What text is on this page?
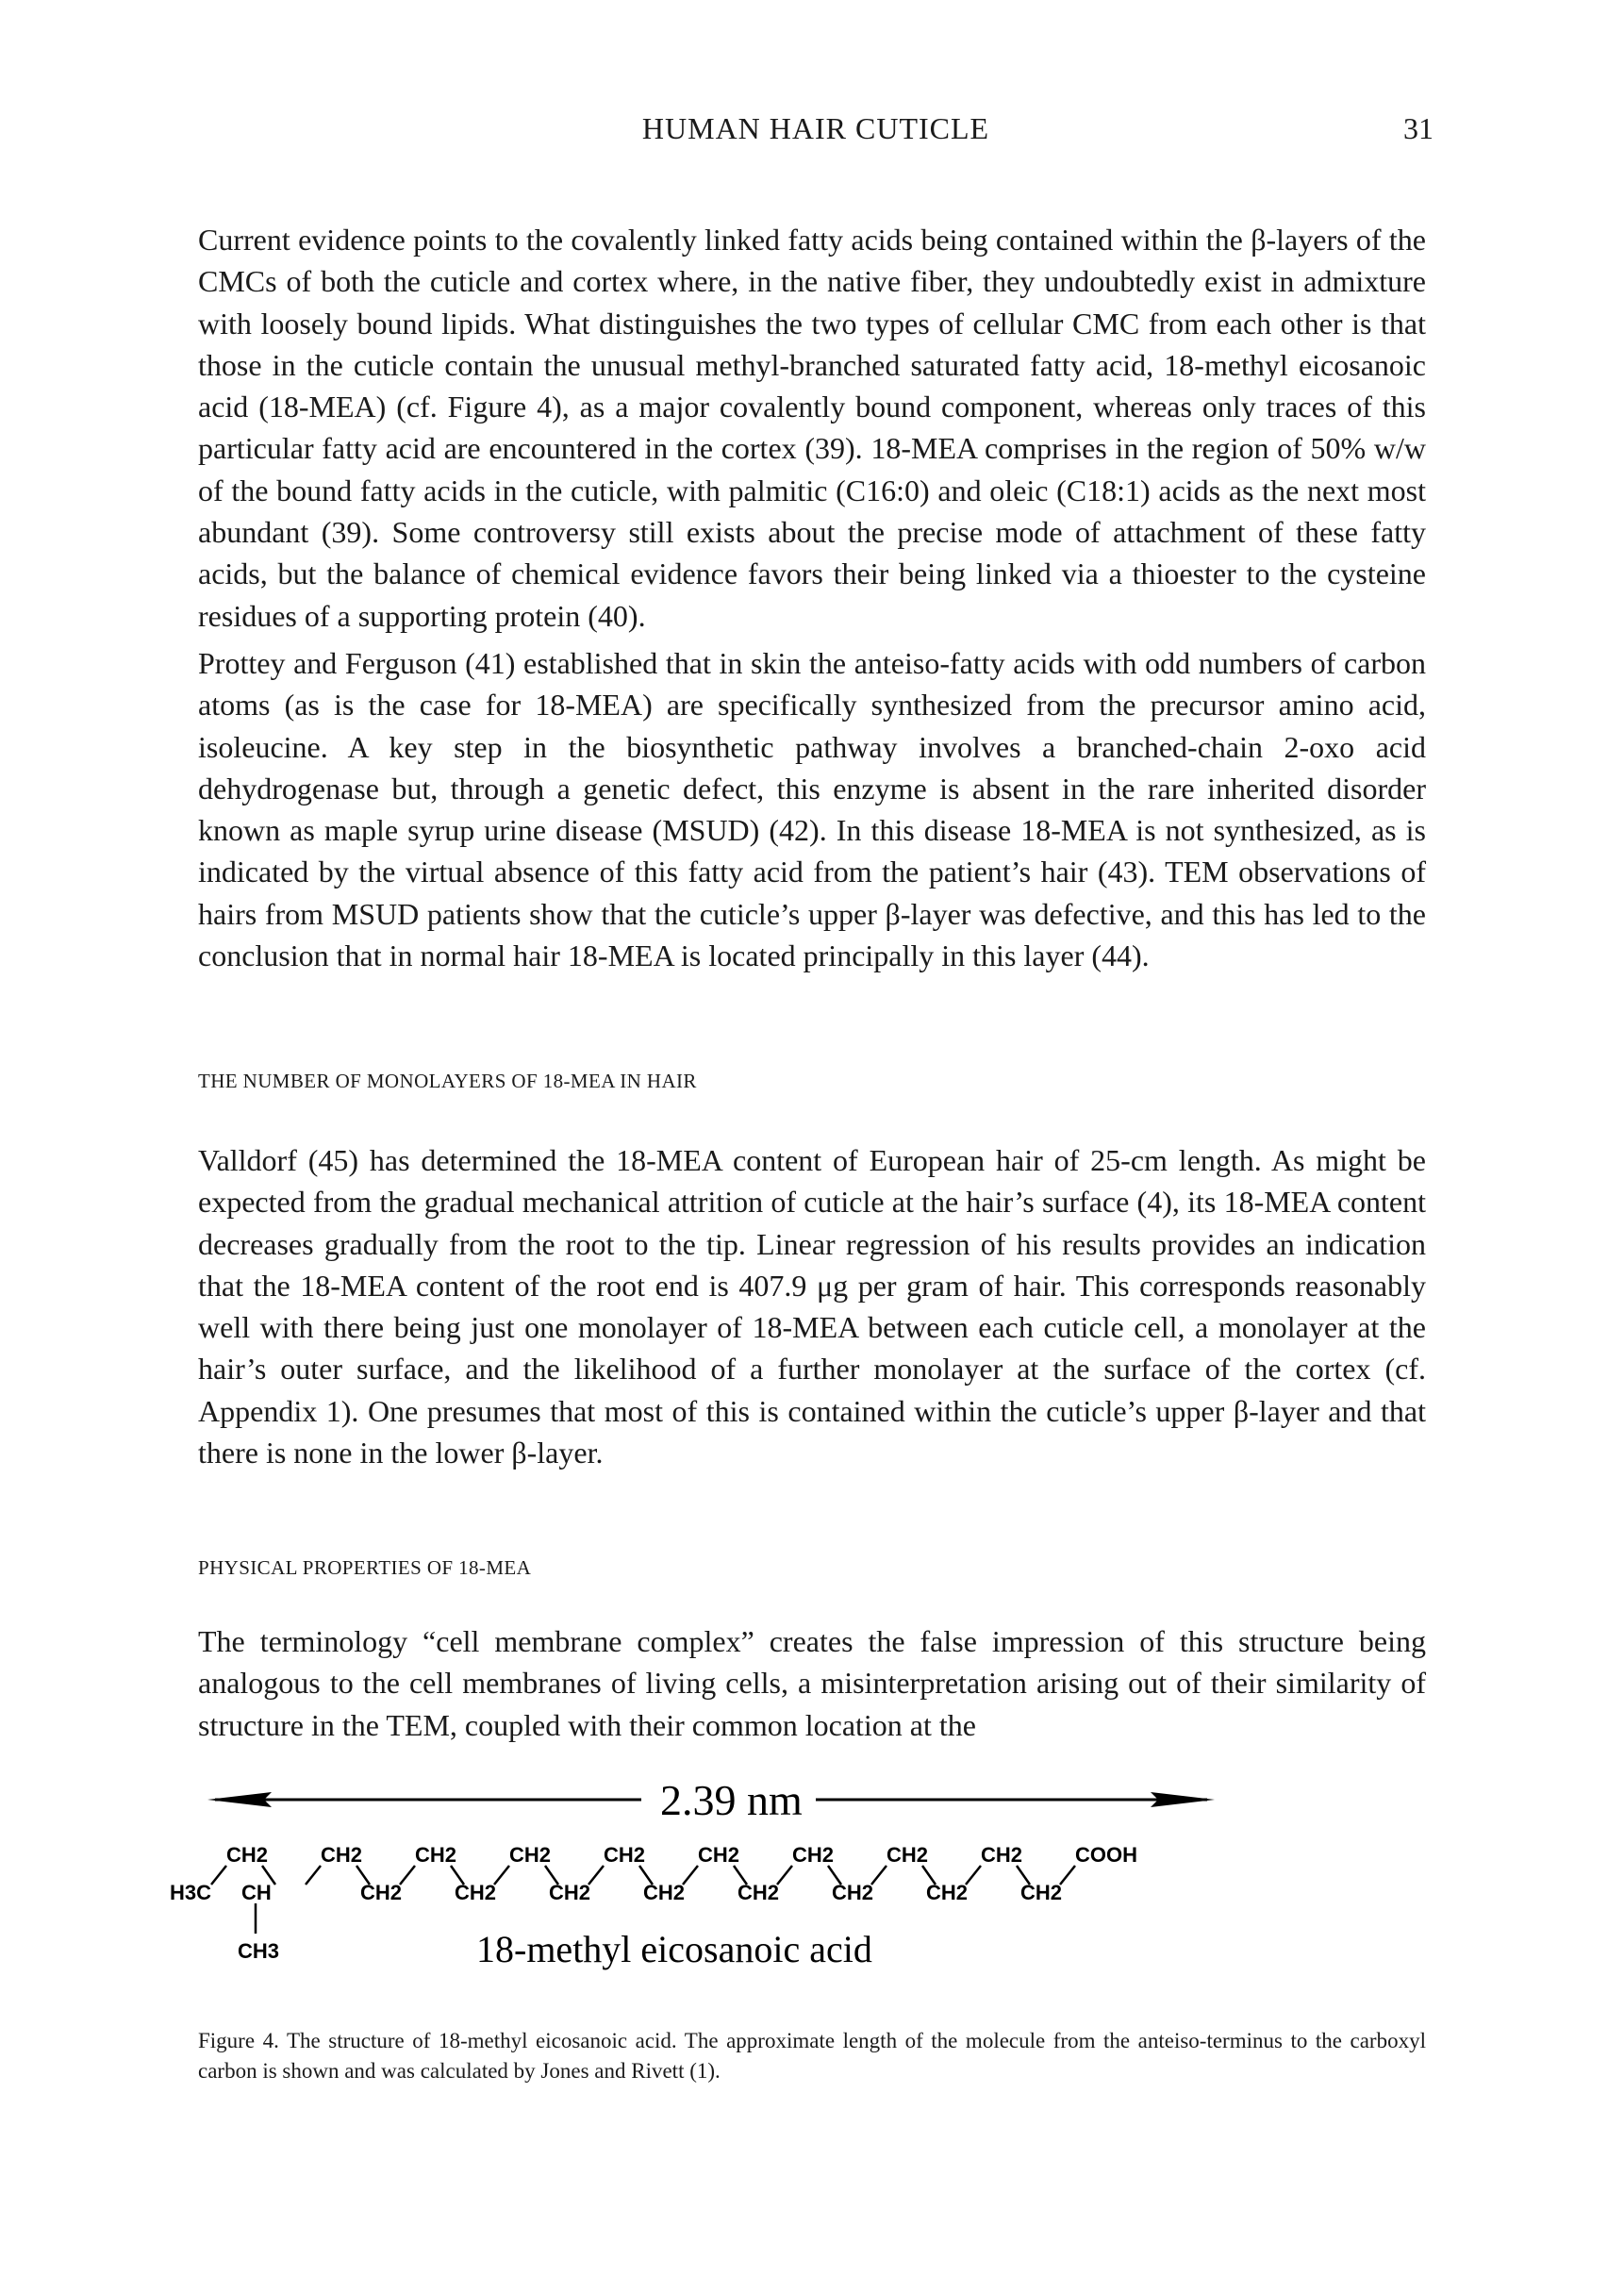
HUMAN HAIR CUTICLE	31

Current evidence points to the covalently linked fatty acids being contained within the β-layers of the CMCs of both the cuticle and cortex where, in the native fiber, they undoubtedly exist in admixture with loosely bound lipids. What distinguishes the two types of cellular CMC from each other is that those in the cuticle contain the unusual methyl-branched saturated fatty acid, 18-methyl eicosanoic acid (18-MEA) (cf. Figure 4), as a major covalently bound component, whereas only traces of this particular fatty acid are encountered in the cortex (39). 18-MEA comprises in the region of 50% w/w of the bound fatty acids in the cuticle, with palmitic (C16:0) and oleic (C18:1) acids as the next most abundant (39). Some controversy still exists about the precise mode of attachment of these fatty acids, but the balance of chemical evidence favors their being linked via a thioester to the cysteine residues of a supporting protein (40).

Prottey and Ferguson (41) established that in skin the anteiso-fatty acids with odd numbers of carbon atoms (as is the case for 18-MEA) are specifically synthesized from the precursor amino acid, isoleucine. A key step in the biosynthetic pathway involves a branched-chain 2-oxo acid dehydrogenase but, through a genetic defect, this enzyme is absent in the rare inherited disorder known as maple syrup urine disease (MSUD) (42). In this disease 18-MEA is not synthesized, as is indicated by the virtual absence of this fatty acid from the patient’s hair (43). TEM observations of hairs from MSUD patients show that the cuticle’s upper β-layer was defective, and this has led to the conclusion that in normal hair 18-MEA is located principally in this layer (44).

THE NUMBER OF MONOLAYERS OF 18-MEA IN HAIR

Valldorf (45) has determined the 18-MEA content of European hair of 25-cm length. As might be expected from the gradual mechanical attrition of cuticle at the hair’s surface (4), its 18-MEA content decreases gradually from the root to the tip. Linear regression of his results provides an indication that the 18-MEA content of the root end is 407.9 μg per gram of hair. This corresponds reasonably well with there being just one monolayer of 18-MEA between each cuticle cell, a monolayer at the hair’s outer surface, and the likelihood of a further monolayer at the surface of the cortex (cf. Appendix 1). One presumes that most of this is contained within the cuticle’s upper β-layer and that there is none in the lower β-layer.

PHYSICAL PROPERTIES OF 18-MEA

The terminology “cell membrane complex” creates the false impression of this structure being analogous to the cell membranes of living cells, a misinterpretation arising out of their similarity of structure in the TEM, coupled with their common location at the

2.39 nm
H3C
CH2
CH
CH2
CH2
CH2
CH2
CH2
CH2
CH2
CH2
CH2
CH2
CH2
CH2
CH2
CH2
CH2
CH2
COOH
CH3	18-methyl eicosanoic acid
Figure 4. The structure of 18-methyl eicosanoic acid. The approximate length of the molecule from the anteiso-terminus to the carboxyl carbon is shown and was calculated by Jones and Rivett (1).
